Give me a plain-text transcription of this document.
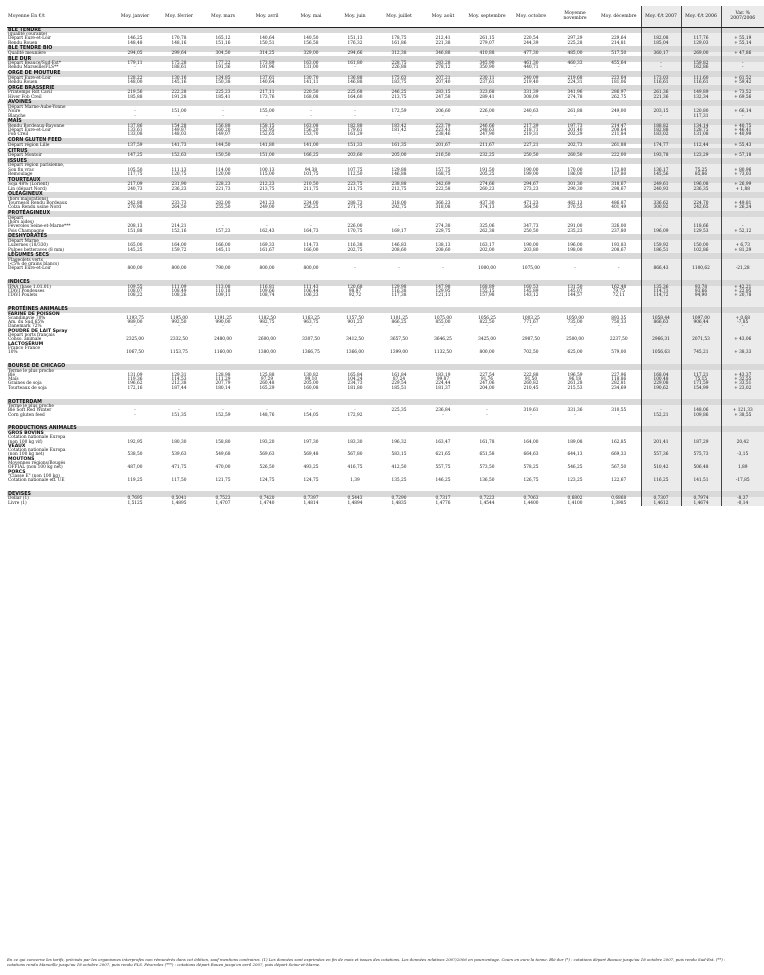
Moyenne En €/t	Moy. janvier	Moy. février	Moy. mars	Moy. avril	Moy. mai	Moy. juin	Moy. juillet	Moy. août	Moy. septembre	Moy. octobre	Moyenne novembre	Moy. décembre	Moy. €/t 2007	Moy. €/t 2006	Var. % 2007/2006
BLE TENDRE															
(qualité courante)															
Départ Eure-et-Loir	146,25	170,78	165,12	140,64	140,50	151,13	178,75	212,41	261,15	220,54	297,29	229,64	182,08	117,76	+ 55,19
Rendu Rouen	148,48	148,16	151,16	150,51	156,58	176,32	161,86	221,38	279,07	244,39	225,28	214,81	185,04	129,03	+ 55,14
BLE TENDRE BIO															
Qualité meunière	294,05	299,64	304,50	314,25	329,00	294,66	312,38	346,88	410,88	477,30	485,00	517,50	360,17	269,00	+ 47,86
BLE DUR															
Départ Beauce/Sud-Est*	179,11	175,28	177,22	173,89	163,00	161,80	228,75	283,28	345,90	461,30	460,33	455,64	-	159,82	-
Rendu Marseille/FLS**	-	188,61	191,36	191,96	131,00	-	226,88	278,12	350,90	440,71	-	-	-	162,86	-
ORGE DE MOUTURE															
Départ Eure-et-Loir	128,22	130,16	134,85	137,61	130,70	136,88	175,63	207,21	230,11	240,09	219,68	223,64	173,03	111,60	+ 61,52
Rendu Rouen	148,00	145,16	150,38	140,64	141,11	146,88	183,75	207,40	237,61	219,40	224,31	181,06	116,61	116,61	+ 59,42
ORGE BRASSERIE															
Printemps Rdt Cavil	219,56	222,28	225,23	217,11	220,50	225,68	246,25	283,15	323,68	331,39	341,96	286,97	261,36	149,89	+ 73,52
Hiver Fob Creil	185,88	191,28	185,41	173,76	168,08	164,60	213,75	247,58	289,41	308,09	274,78	262,75	221,36	132,34	+ 69,56
AVOINES															
Départ Marne-Aube-Yonne															
Noire	-	151,00	-	155,00	-	-	172,59	206,60	226,00	240,63	261,88	249,00	203,15	120,80	+ 66,14
Blanche	-	-	-	-	-	-	-	-	-	-	-	-	-	117,31	-
MAÏS															
Rendu Bordeaux-Bayonne	137,86	154,28	156,88	158,15	163,08	182,88	183,42	223,79	246,66	217,39	197,73	214,47	188,82	134,14	+ 40,75
Départ Eure-et-Loir	133,61	149,87	160,20	152,95	156,20	179,61	181,42	223,43	248,63	218,71	201,40	208,64	182,88	128,75	+ 46,41
Fob Creil	133,08	148,03	149,07	152,65	153,70	161,29	-	238,46	247,90	219,31	202,29	211,84	183,02	131,08	+ 40,99
CORN GLUTEN FEED															
Départ région Lille	137,59	141,73	144,50	141,80	141,00	151,33	161,35	201,67	211,67	227,21	202,73	261,88	174,77	112,44	+ 55,43
CITRUS															
Départ Montoir	147,25	152,63	150,50	151,00	166,25	203,60	205,00	216,50	232,25	250,50	260,50	222,00	193,78	123,29	+ 57,18
ISSUES															
Départ région parisienne,															
Son fin vrac	105,50	111,13	114,00	100,13	94,38	107,75	129,88	157,75	191,50	190,00	170,00	173,80	136,17	75,25	+ 80,96
Remoulage	117,75	120,75	120,00	115,00	101,75	112,50	146,88	168,75	205,25	199,00	186,00	187,80	145,56	85,86	+ 73,03
TOURTEAUX															
Soja 48% (Lorient)	217,09	231,90	228,23	212,23	210,50	223,75	238,88	242,69	274,66	294,67	301,30	318,67	249,61	196,08	+ 26,99
Lin (départ Nord)	240,73	236,23	221,73	213,75	211,75	211,75	212,75	222,58	260,23	273,23	290,30	298,67	240,93	236,35	+ 1,88
OLEAGINEUX															
(hors majorations)															
Tournesol Rendu Bordeaux	242,88	233,73	282,00	241,23	234,00	288,73	318,00	366,23	437,30	471,23	482,13	486,87	336,62	224,70	+ 49,81
Colza Rendu usine Nord	270,98	264,50	255,50	249,00	256,25	271,75	292,75	318,08	374,13	364,50	370,55	401,49	300,82	242,65	+ 26,24
PROTÉAGINEUX															
Départ															
(hors aides)															
Féveroles Seine-et-Marne***	208,13	214,21	-	-	-	226,00	-	274,38	325,06	347,73	291,00	326,00	-	118,66	-
Pois Champagne	151,88	152,16	157,23	162,43	164,73	170,75	169,17	229,75	262,38	250,50	235,23	237,80	196,09	129,53	+ 52,12
DESHYDRATÉS															
Départ Marne															
Luzernes (18/330)	165,00	164,00	166,00	169,33	114,73	116,38	146,83	138,13	163,17	190,00	196,00	193,83	159,92	150,00	+ 6,73
Pulpes betteraves (8 mm)	145,25	159,72	145,11	161,67	166,00	202,75	208,60	208,60	202,00	203,80	198,00	208,67	186,51	102,86	+ 81,29
LÉGUMES SECS															
Flageolets verts															
(<5% de grains blancs)															
Départ Eure-et-Loir	800,00	800,00	790,00	800,00	800,00	-	-	-	1000,00	1075,00	-	-	866,43	1100,62	-21,28

INDICES															
IPAA (base 1.01.01)	109,55	111,09	113,08	116,81	111,43	120,68	129,98	147,98	168,89	160,53	131,50	162,48	135,36	93,78	+ 42,21
ITAVI Pondeuses	108,07	108,49	110,18	109,66	106,44	98,97	116,38	129,95	155,15	145,89	145,07	79,75	114,71	93,66	+ 22,95
ITAVI Poulets	108,22	108,26	109,11	108,74	106,23	92,72	117,38	121,11	157,98	143,12	144,57	72,11	114,72	94,90	+ 20,78

PROTÉINES ANIMALES															
FARINE DE POISSON															
Scandinavie 70%	1193,75	1195,00	1191,25	1182,50	1163,25	1157,50	1101,25	1075,00	1056,25	1003,25	1050,00	893,35	1058,44	1097,00	+ 0,68
Am. du Sud 65%	989,00	992,50	990,00	982,75	963,75	901,23	866,25	855,00	822,50	771,67	735,00	750,33	866,63	906,44	-7,85
Danemark 72%	-	-	-	-	-	-	-	-	-	-	-	-	-	-	-
POUDRE DE LAIT Spray															
Départ ports français															
Conso. animale	2325,00	2332,50	2480,00	2600,00	3307,50	3412,50	3657,50	3646,25	3425,00	2987,50	2500,00	2237,50	2966,31	2071,53	+ 43,06
LACTOSÉRUM															
Franco France															
10%	1067,50	1153,75	1160,00	1380,00	1366,75	1366,00	1399,00	1132,50	800,00	702,50	625,00	579,00	1056,63	745,21	+ 38,33

BOURSE DE CHICAGO															
Terme le plus proche															
Blé	131,09	129,31	128,98	125,88	130,82	165,84	161,84	183,19	227,54	222,88	196,59	227,96	168,04	117,21	+ 43,37
Maïs	119,36	114,53	111,29	97,29	99,10	104,24	87,24	99,87	91,76	91,50	96,18	118,86	100,48	75,15	+ 32,55
Graines de soja	196,62	212,38	207,79	260,48	205,00	234,73	229,54	224,44	247,06	260,82	261,28	282,81	229,08	171,59	+ 33,51
Tourteaux de soja	172,16	187,44	180,14	165,29	160,08	181,80	185,51	181,37	204,00	210,45	215,53	234,69	190,62	154,99	+ 23,02

ROTTERDAM															
Terme le plus proche															
Blé Soft Red Winter	-	-	-	-	-	-	225,35	236,84	-	319,61	331,36	310,55	-	148,06	+ 121,33
Corn gluten feed	-	151,35	152,59	148,76	154,05	172,92	-	-	-	-	-	-	152,21	109,86	+ 38,55

PRODUCTIONS ANIMALES															
GROS BOVINS															
Cotation nationale Europa															
(non 100 kg vif)	192,95	180,30	158,80	193,20	197,30	183,30	196,32	163,47	161,78	164,00	189,08	162,85	201,41	187,29	20,42
VEAUX															
Cotation nationale Europa															
(non 100 kg net)	538,50	539,63	549,68	569,63	569,48	567,80	583,15	621,65	651,58	664,63	644,13	669,33	557,36	575,73	-3,15
MOUTONS															
Moyennes régions/Bougés															
OFFIAL (non 100 kg net)	487,00	471,75	470,00	526,50	493,25	416,75	412,50	557,75	573,50	578,25	546,25	567,50	510,42	506,48	1,89
PORCS															
"Classe E" (non 100 kg)															
Cotation nationale eff. UE	119,25	117,50	121,75	124,75	124,75	1,39	135,25	146,25	136,50	126,75	123,25	122,67	116,25	141,51	-17,85

DEVISES															
Dollar (1)	0,7695	0,5041	0,7523	0,7420	0,7397	0,5443	0,7290	0,7317	0,7223	0,7063	0,6802	0,6868	0,7307	0,7974	-8,37
Livre (1)	1,5125	1,4895	1,4707	1,4740	1,4814	1,4894	1,4835	1,4776	1,4544	1,4400	1,4100	1,3985	1,4612	1,4674	-0,14
En ce qui concerne les tarifs, précisés par les organismes interprofes non rémunérés dans cet édition, sauf mentions contraires. (1) Les données sont exprimées en fin de mois et issues des cotations. Les données relatives 2007/2006 en pourcentage. Cours en euro la tonne. Blé dur (*) : cotations départ Beauce jusqu'au 18 octobre 2007, puis rendu Sud-Est. (**) : cotations rendu Marseille jusqu'au 18 octobre 2007, puis rendu FLS. Féveroles (***) : cotations départ Rouen jusqu'en avril 2007, puis départ Seine-et-Marne.
